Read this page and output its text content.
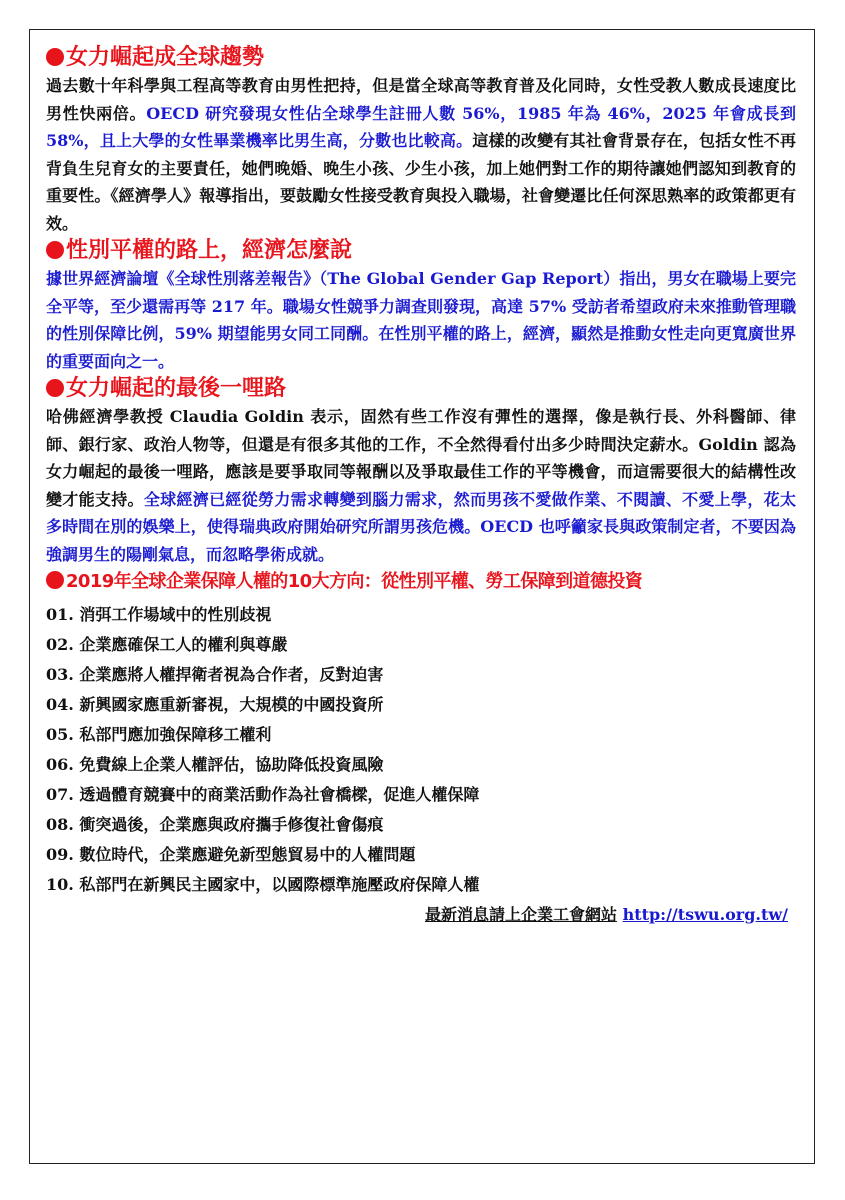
女力崛起成全球趨勢

過去數十年科學與工程高等教育由男性把持，但是當全球高等教育普及化同時，女性受教人數成長速度比男性快兩倍。OECD 研究發現女性佔全球學生註冊人數 56%，1985 年為 46%，2025 年會成長到 58%，且上大學的女性畢業機率比男生高，分數也比較高。這樣的改變有其社會背景存在，包括女性不再背負生兒育女的主要責任，她們晚婚、晚生小孩、少生小孩，加上她們對工作的期待讓她們認知到教育的重要性。《經濟學人》報導指出，要鼓勵女性接受教育與投入職場，社會變遷比任何深思熟率的政策都更有效。

性別平權的路上，經濟怎麼說

據世界經濟論壇《全球性別落差報告》（The Global Gender Gap Report）指出，男女在職場上要完全平等，至少還需再等 217 年。職場女性競爭力調查則發現，高達 57% 受訪者希望政府未來推動管理職的性別保障比例，59% 期望能男女同工同酬。在性別平權的路上，經濟，顯然是推動女性走向更寬廣世界的重要面向之一。

女力崛起的最後一哩路

哈佛經濟學教授 Claudia Goldin 表示，固然有些工作沒有彈性的選擇，像是執行長、外科醫師、律師、銀行家、政治人物等，但還是有很多其他的工作，不全然得看付出多少時間決定薪水。Goldin 認為女力崛起的最後一哩路，應該是要爭取同等報酬以及爭取最佳工作的平等機會，而這需要很大的結構性改變才能支持。全球經濟已經從勞力需求轉變到腦力需求，然而男孩不愛做作業、不閱讀、不愛上學，花太多時間在別的娛樂上，使得瑞典政府開始研究所謂男孩危機。OECD 也呼籲家長與政策制定者，不要因為強調男生的陽剛氣息，而忽略學術成就。

2019年全球企業保障人權的10大方向：從性別平權、勞工保障到道德投資
01. 消弭工作場域中的性別歧視
02. 企業應確保工人的權利與尊嚴
03. 企業應將人權捍衛者視為合作者，反對迫害
04. 新興國家應重新審視，大規模的中國投資所
05. 私部門應加強保障移工權利
06. 免費線上企業人權評估，協助降低投資風險
07. 透過體育競賽中的商業活動作為社會橋樑，促進人權保障
08. 衝突過後，企業應與政府攜手修復社會傷痕
09. 數位時代，企業應避免新型態貿易中的人權問題
10. 私部門在新興民主國家中，以國際標準施壓政府保障人權
最新消息請上企業工會網站 http://tswu.org.tw/
